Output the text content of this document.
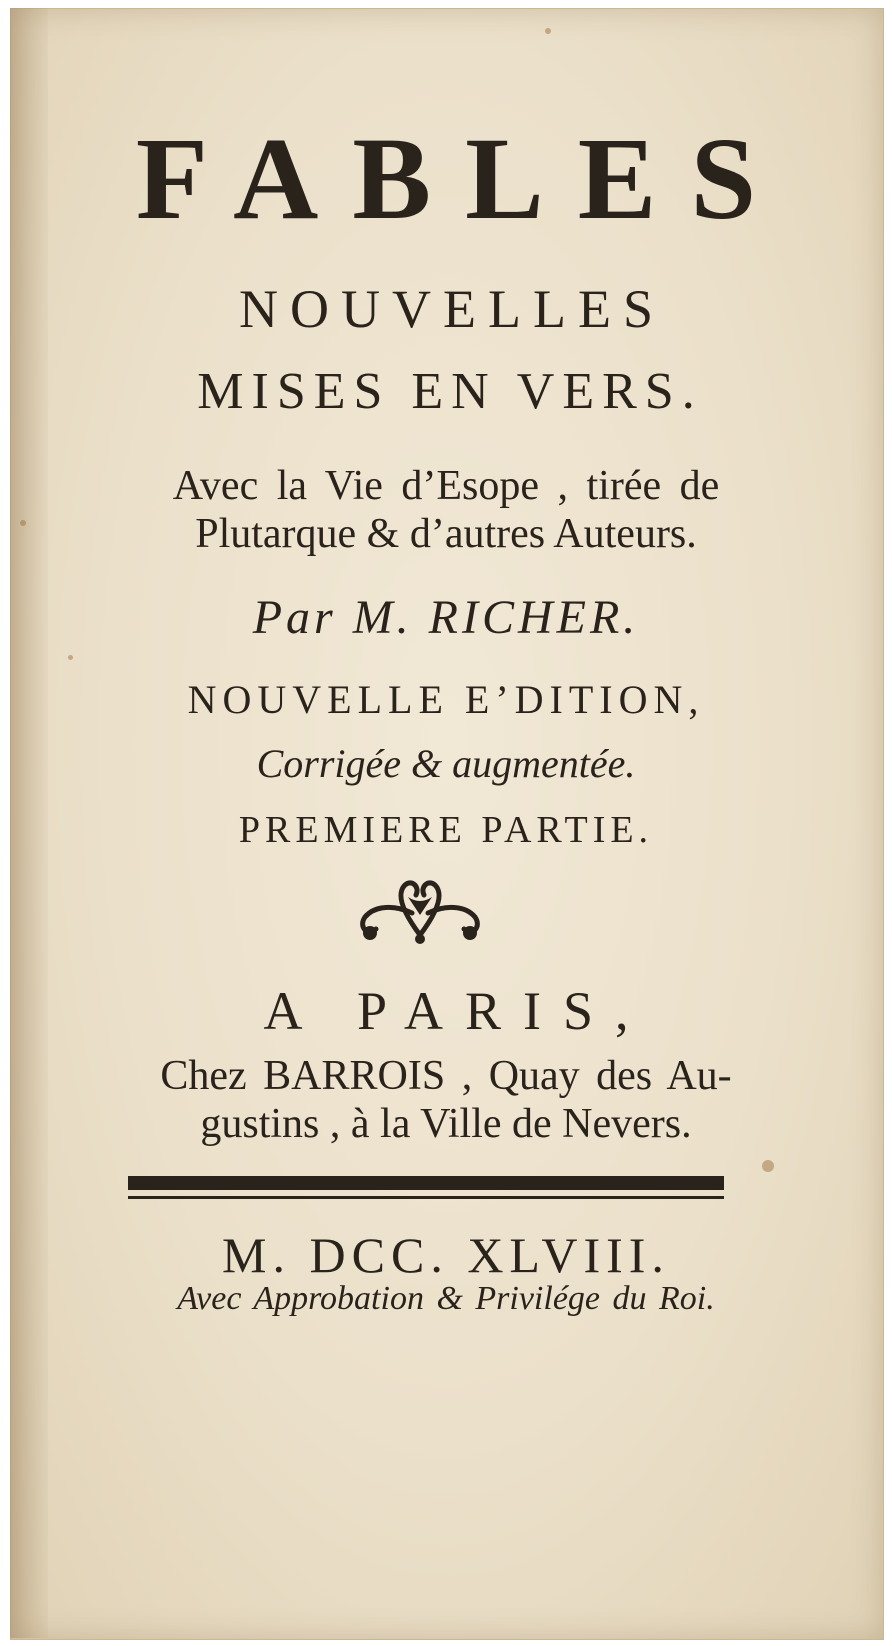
FABLES
NOUVELLES
MISES EN VERS.
Avec la Vie d’Esope , tirée de
Plutarque & d’autres Auteurs.
Par M. RICHER.
NOUVELLE E’DITION,
Corrigée & augmentée.
PREMIERE PARTIE.
A PARIS,
Chez BARROIS , Quay des Au-
gustins , à la Ville de Nevers.
M. DCC. XLVIII.
Avec Approbation & Privilége du Roi.
